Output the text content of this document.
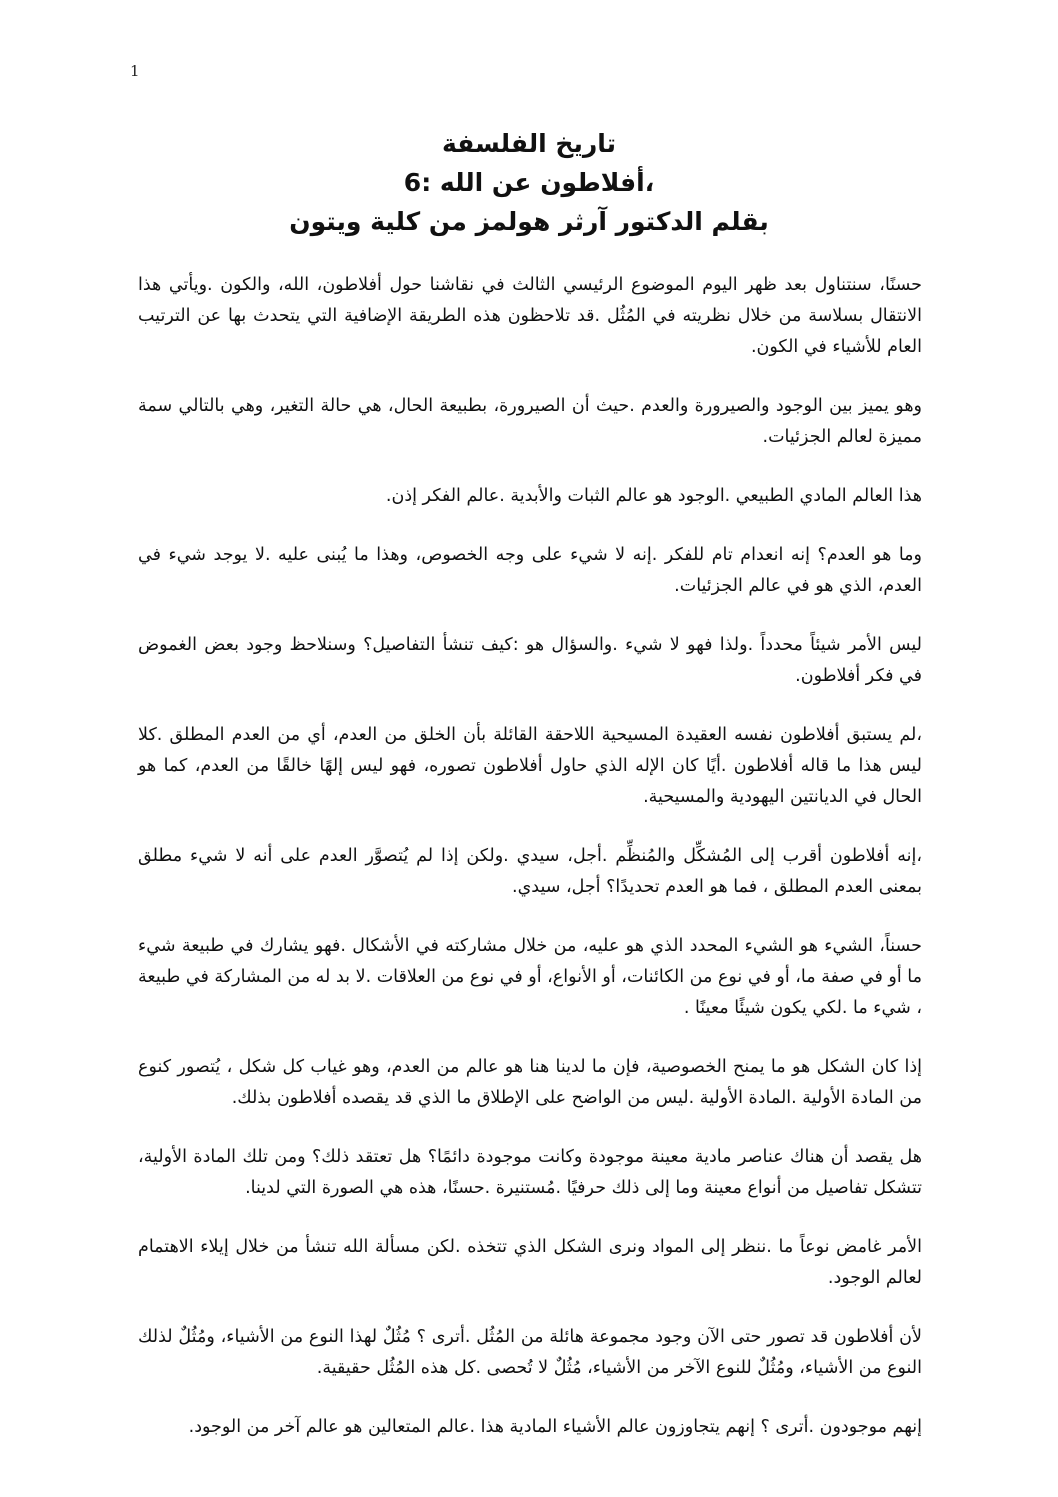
1
تاريخ الفلسفة
،أفلاطون عن الله :6
بقلم الدكتور آرثر هولمز من كلية ويتون

حسنًا، سنتناول بعد ظهر اليوم الموضوع الرئيسي الثالث في نقاشنا حول أفلاطون، الله، والكون .ويأتي هذا الانتقال بسلاسة من خلال نظريته في المُثُل .قد تلاحظون هذه الطريقة الإضافية التي يتحدث بها عن الترتيب العام للأشياء في الكون.

وهو يميز بين الوجود والصيرورة والعدم .حيث أن الصيرورة، بطبيعة الحال، هي حالة التغير، وهي بالتالي سمة مميزة لعالم الجزئيات.

هذا العالم المادي الطبيعي .الوجود هو عالم الثبات والأبدية .عالم الفكر إذن.

وما هو العدم؟ إنه انعدام تام للفكر .إنه لا شيء على وجه الخصوص، وهذا ما يُبنى عليه .لا يوجد شيء في العدم، الذي هو في عالم الجزئيات.

ليس الأمر شيئاً محدداً .ولذا فهو لا شيء .والسؤال هو :كيف تنشأ التفاصيل؟ وسنلاحظ وجود بعض الغموض في فكر أفلاطون.

،لم يستبق أفلاطون نفسه العقيدة المسيحية اللاحقة القائلة بأن الخلق من العدم، أي من العدم المطلق .كلا ليس هذا ما قاله أفلاطون .أيًا كان الإله الذي حاول أفلاطون تصوره، فهو ليس إلهًا خالقًا من العدم، كما هو الحال في الديانتين اليهودية والمسيحية.

،إنه أفلاطون أقرب إلى المُشكِّل والمُنظِّم .أجل، سيدي .ولكن إذا لم يُتصوَّر العدم على أنه لا شيء مطلق بمعنى العدم المطلق ، فما هو العدم تحديدًا؟ أجل، سيدي.

حسناً، الشيء هو الشيء المحدد الذي هو عليه، من خلال مشاركته في الأشكال .فهو يشارك في طبيعة شيء ما أو في صفة ما، أو في نوع من الكائنات، أو الأنواع، أو في نوع من العلاقات .لا بد له من المشاركة في طبيعة ، شيء ما .لكي يكون شيئًا معينًا .

إذا كان الشكل هو ما يمنح الخصوصية، فإن ما لدينا هنا هو عالم من العدم، وهو غياب كل شكل ، يُتصور كنوع من المادة الأولية .المادة الأولية .ليس من الواضح على الإطلاق ما الذي قد يقصده أفلاطون بذلك.

هل يقصد أن هناك عناصر مادية معينة موجودة وكانت موجودة دائمًا؟ هل تعتقد ذلك؟ ومن تلك المادة الأولية، تتشكل تفاصيل من أنواع معينة وما إلى ذلك حرفيًا .مُستنيرة .حسنًا، هذه هي الصورة التي لدينا.

الأمر غامض نوعاً ما .ننظر إلى المواد ونرى الشكل الذي تتخذه .لكن مسألة الله تنشأ من خلال إيلاء الاهتمام لعالم الوجود.

لأن أفلاطون قد تصور حتى الآن وجود مجموعة هائلة من المُثُل .أترى ؟ مُثُلٌ لهذا النوع من الأشياء، ومُثُلٌ لذلك النوع من الأشياء، ومُثُلٌ للنوع الآخر من الأشياء، مُثُلٌ لا تُحصى .كل هذه المُثُل حقيقية.

إنهم موجودون .أترى ؟ إنهم يتجاوزون عالم الأشياء المادية هذا .عالم المتعالين هو عالم آخر من الوجود.
